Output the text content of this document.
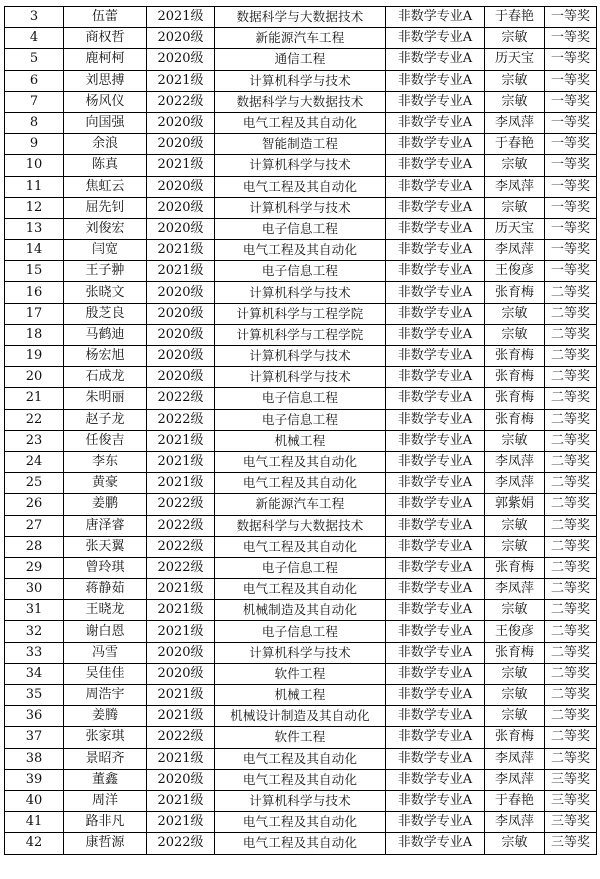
3	伍蕾	2021级	数据科学与大数据技术	非数学专业A	于春艳	一等奖
4	商权哲	2020级	新能源汽车工程	非数学专业A	宗敏	一等奖
5	鹿柯柯	2020级	通信工程	非数学专业A	历天宝	一等奖
6	刘思搏	2021级	计算机科学与技术	非数学专业A	宗敏	一等奖
7	杨风仪	2022级	数据科学与大数据技术	非数学专业A	宗敏	一等奖
8	向国强	2020级	电气工程及其自动化	非数学专业A	李凤萍	一等奖
9	余浪	2020级	智能制造工程	非数学专业A	于春艳	一等奖
10	陈真	2021级	计算机科学与技术	非数学专业A	宗敏	一等奖
11	焦虹云	2020级	电气工程及其自动化	非数学专业A	李凤萍	一等奖
12	屈先钊	2020级	计算机科学与技术	非数学专业A	宗敏	一等奖
13	刘俊宏	2020级	电子信息工程	非数学专业A	历天宝	一等奖
14	闫宽	2021级	电气工程及其自动化	非数学专业A	李凤萍	一等奖
15	王子翀	2021级	电子信息工程	非数学专业A	王俊彦	一等奖
16	张晓文	2020级	计算机科学与技术	非数学专业A	张育梅	二等奖
17	殷芝良	2020级	计算机科学与工程学院	非数学专业A	宗敏	二等奖
18	马鹤迪	2020级	计算机科学与工程学院	非数学专业A	宗敏	二等奖
19	杨宏旭	2020级	计算机科学与技术	非数学专业A	张育梅	二等奖
20	石成龙	2020级	计算机科学与技术	非数学专业A	张育梅	二等奖
21	朱明丽	2022级	电子信息工程	非数学专业A	张育梅	二等奖
22	赵子龙	2022级	电子信息工程	非数学专业A	张育梅	二等奖
23	任俊吉	2021级	机械工程	非数学专业A	宗敏	二等奖
24	李东	2021级	电气工程及其自动化	非数学专业A	李凤萍	二等奖
25	黄豪	2021级	电气工程及其自动化	非数学专业A	李凤萍	二等奖
26	姜鹏	2022级	新能源汽车工程	非数学专业A	郭紫娟	二等奖
27	唐泽睿	2022级	数据科学与大数据技术	非数学专业A	宗敏	二等奖
28	张天翼	2022级	电气工程及其自动化	非数学专业A	宗敏	二等奖
29	曾玲琪	2022级	电子信息工程	非数学专业A	张育梅	二等奖
30	蒋静茹	2021级	电气工程及其自动化	非数学专业A	李凤萍	二等奖
31	王晓龙	2021级	机械制造及其自动化	非数学专业A	宗敏	二等奖
32	谢白恩	2021级	电子信息工程	非数学专业A	王俊彦	二等奖
33	冯雪	2020级	计算机科学与技术	非数学专业A	张育梅	二等奖
34	吴佳佳	2020级	软件工程	非数学专业A	宗敏	二等奖
35	周浩宇	2021级	机械工程	非数学专业A	宗敏	二等奖
36	姜腾	2021级	机械设计制造及其自动化	非数学专业A	宗敏	二等奖
37	张家琪	2022级	软件工程	非数学专业A	张育梅	二等奖
38	景昭齐	2021级	电气工程及其自动化	非数学专业A	李凤萍	二等奖
39	董鑫	2020级	电气工程及其自动化	非数学专业A	李凤萍	三等奖
40	周洋	2021级	计算机科学与技术	非数学专业A	于春艳	三等奖
41	路非凡	2021级	电气工程及其自动化	非数学专业A	李凤萍	三等奖
42	康哲源	2022级	电气工程及其自动化	非数学专业A	宗敏	三等奖
